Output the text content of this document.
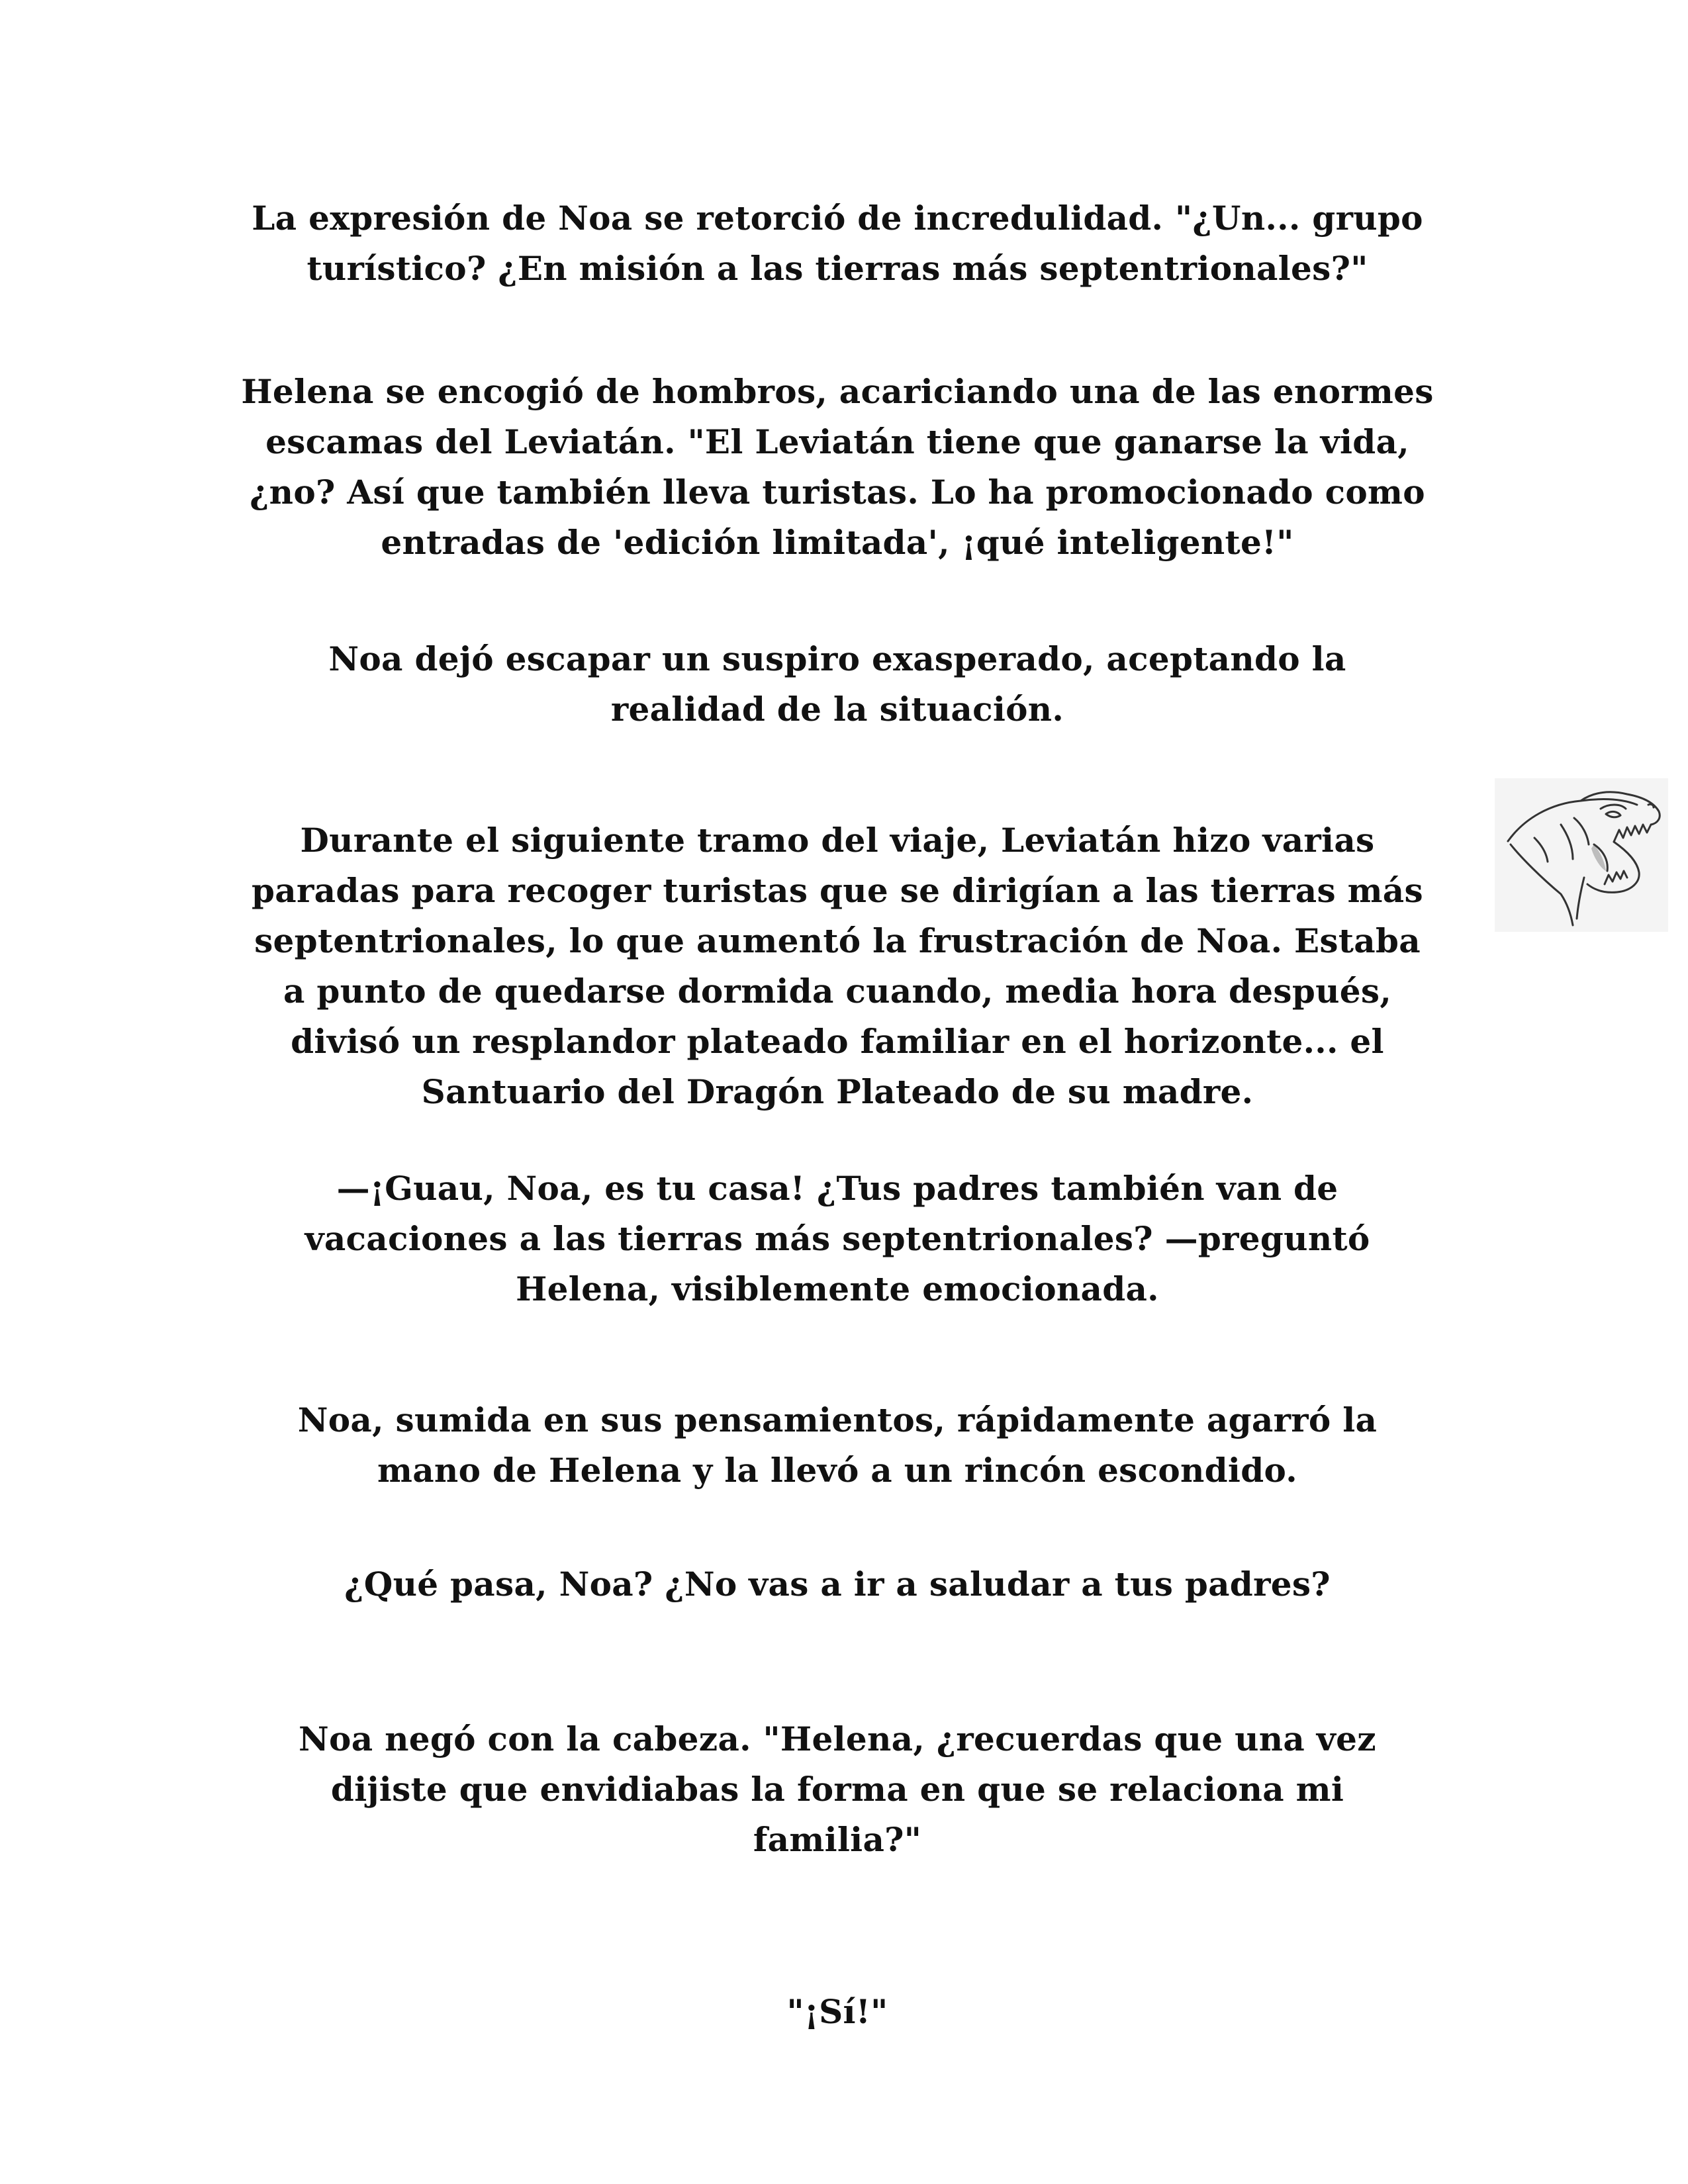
La expresión de Noa se retorció de incredulidad. "¿Un... grupo
turístico? ¿En misión a las tierras más septentrionales?"

Helena se encogió de hombros, acariciando una de las enormes
escamas del Leviatán. "El Leviatán tiene que ganarse la vida,
¿no? Así que también lleva turistas. Lo ha promocionado como
entradas de 'edición limitada', ¡qué inteligente!"

Noa dejó escapar un suspiro exasperado, aceptando la
realidad de la situación.

Durante el siguiente tramo del viaje, Leviatán hizo varias
paradas para recoger turistas que se dirigían a las tierras más
septentrionales, lo que aumentó la frustración de Noa. Estaba
a punto de quedarse dormida cuando, media hora después,
divisó un resplandor plateado familiar en el horizonte... el
Santuario del Dragón Plateado de su madre.

—¡Guau, Noa, es tu casa! ¿Tus padres también van de
vacaciones a las tierras más septentrionales? —preguntó
Helena, visiblemente emocionada.

Noa, sumida en sus pensamientos, rápidamente agarró la
mano de Helena y la llevó a un rincón escondido.

¿Qué pasa, Noa? ¿No vas a ir a saludar a tus padres?

Noa negó con la cabeza. "Helena, ¿recuerdas que una vez
dijiste que envidiabas la forma en que se relaciona mi
familia?"

"¡Sí!"
